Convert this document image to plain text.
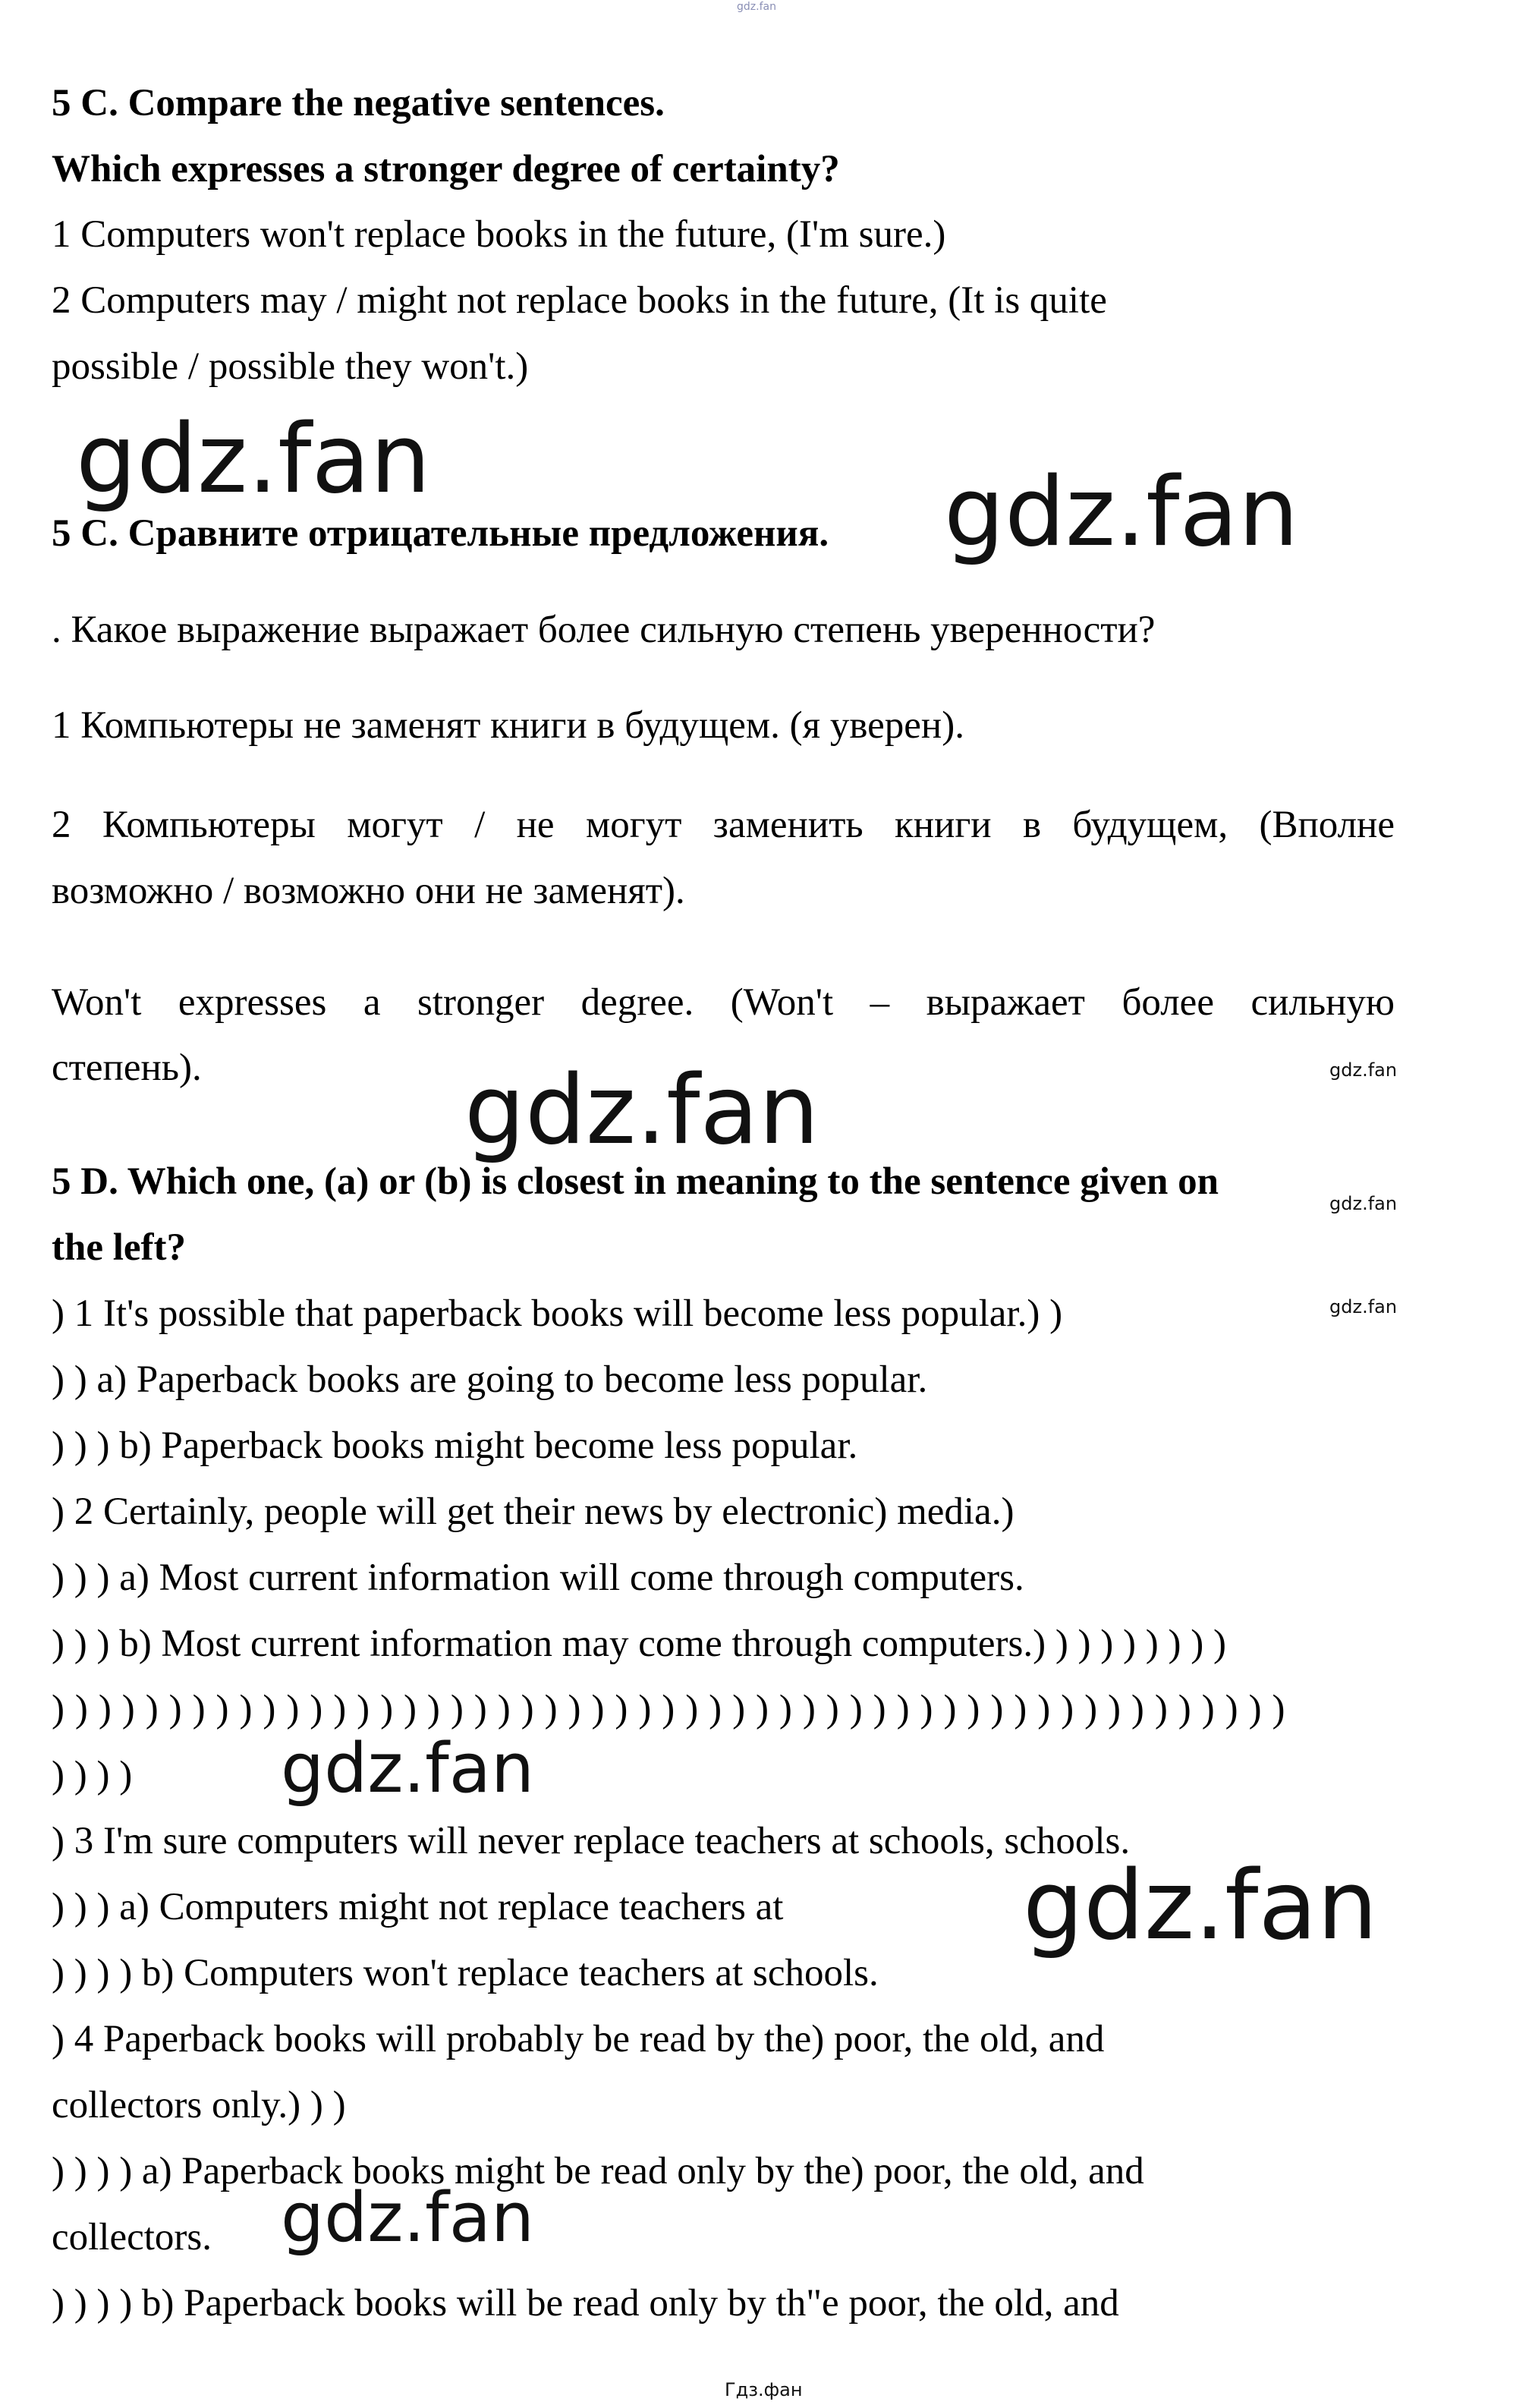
gdz.fan
5 C. Compare the negative sentences.
Which expresses a stronger degree of certainty?
1 Computers won't replace books in the future, (I'm sure.)
2 Computers may / might not replace books in the future, (It is quite
possible / possible they won't.)
gdz.fan
5 C. Сравните отрицательные предложения. gdz.fan
. Какое выражение выражает более сильную степень уверенности?
1 Компьютеры не заменят книги в будущем. (я уверен).
2 Компьютеры могут / не могут заменить книги в будущем, (Вполне
возможно / возможно они не заменят).
Won't expresses a stronger degree. (Won't – выражает более сильную
степень).	gdz.fan
gdz.fan
5 D. Which one, (a) or (b) is closest in meaning to the sentence given on
gdz.fan
the left?
) 1 It's possible that paperback books will become less popular.) )	gdz.fan
) ) a) Paperback books are going to become less popular.
) ) ) b) Paperback books might become less popular.
) 2 Certainly, people will get their news by electronic) media.)
) ) ) a) Most current information will come through computers.
) ) ) b) Most current information may come through computers.) ) ) ) ) ) ) ) )
) ) ) ) ) ) ) ) ) ) ) ) ) ) ) ) ) ) ) ) ) ) ) ) ) ) ) ) ) ) ) ) ) ) ) ) ) ) ) ) ) ) ) ) ) ) ) ) ) ) ) ) )
) ) ) ) gdz.fan
) 3 I'm sure computers will never replace teachers at schools, schools.
) ) ) a) Computers might not replace teachers at	gdz.fan
) ) ) ) b) Computers won't replace teachers at schools.
) 4 Paperback books will probably be read by the) poor, the old, and
collectors only.) ) )
) ) ) ) a) Paperback books might be read only by the) poor, the old, and
collectors. gdz.fan
) ) ) ) b) Paperback books will be read only by th"e poor, the old, and
Гдз.фан
